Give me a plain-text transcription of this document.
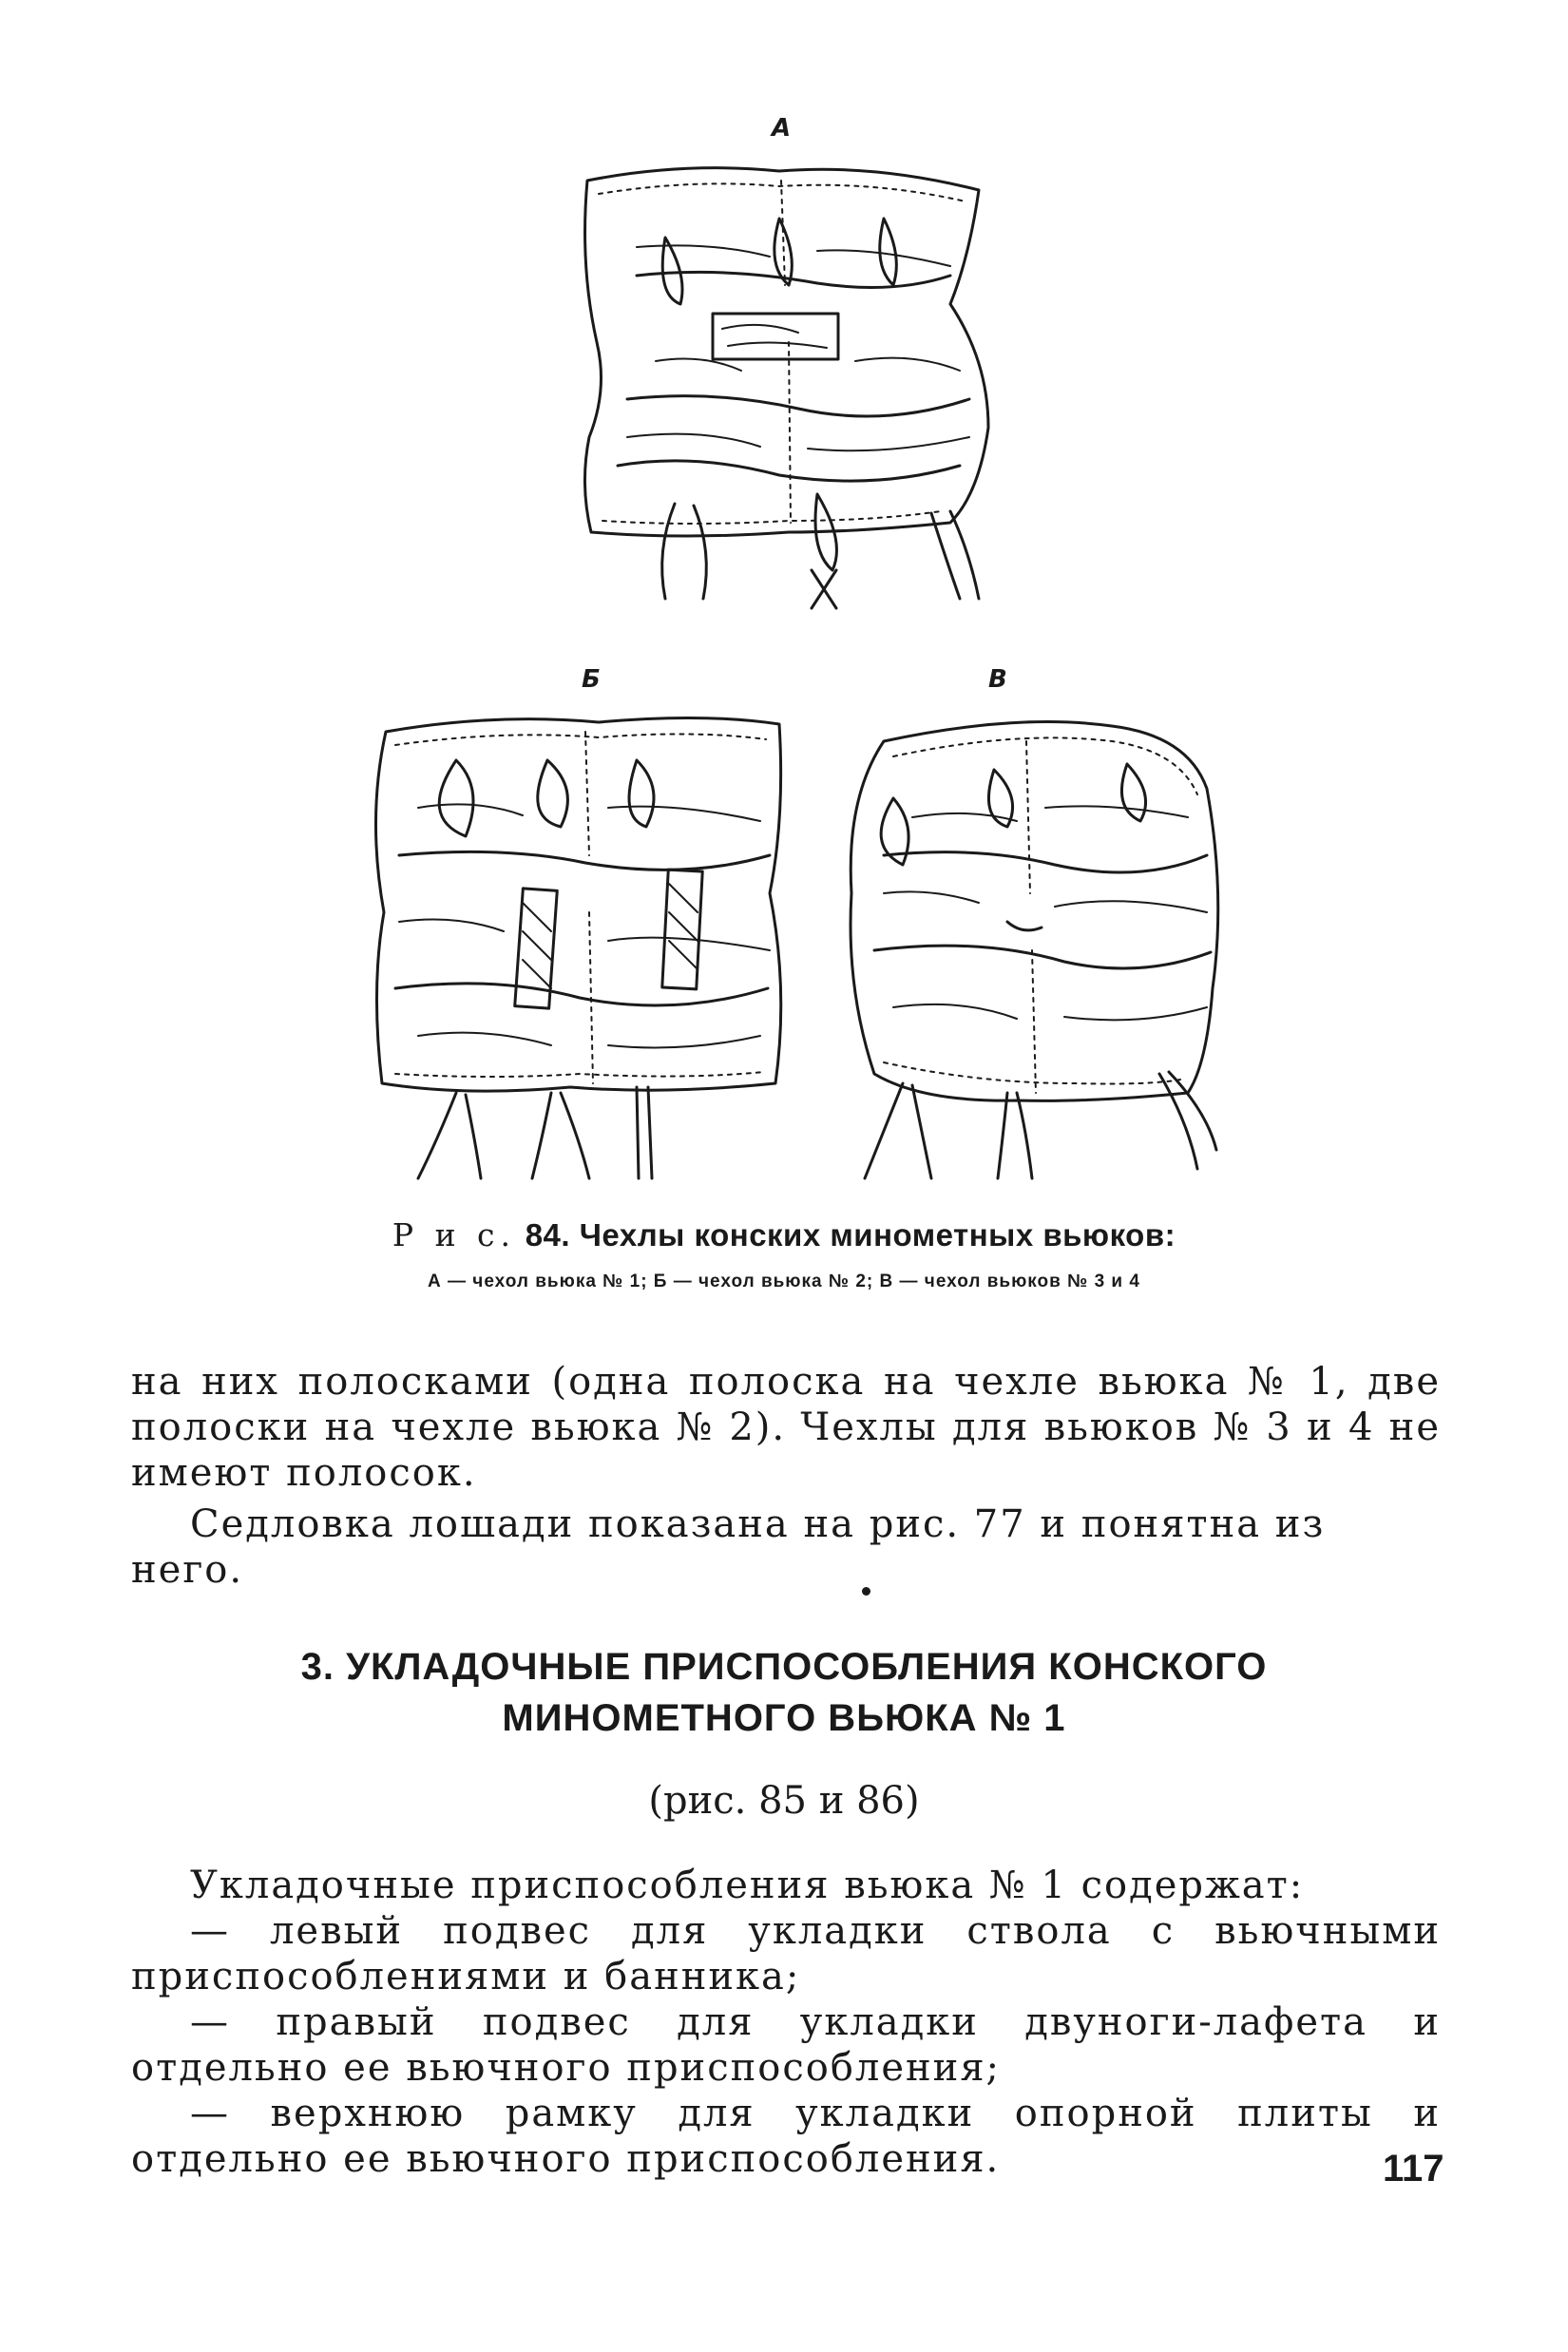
А
Б	В
Р и с. 84. Чехлы конских минометных вьюков:
А — чехол вьюка № 1; Б — чехол вьюка № 2; В — чехол вьюков № 3 и 4

на них полосками (одна полоска на чехле вьюка № 1, две полоски на чехле вьюка № 2). Чехлы для вьюков № 3 и 4 не имеют полосок.

Седловка лошади показана на рис. 77 и понятна из него.

3. УКЛАДОЧНЫЕ ПРИСПОСОБЛЕНИЯ КОНСКОГО
МИНОМЕТНОГО ВЬЮКА № 1
(рис. 85 и 86)

Укладочные приспособления вьюка № 1 содержат:

— левый подвес для укладки ствола с вьючными приспособлениями и банника;

— правый подвес для укладки двуноги-лафета и отдельно ее вьючного приспособления;

— верхнюю рамку для укладки опорной плиты и отдельно ее вьючного приспособления.	117
